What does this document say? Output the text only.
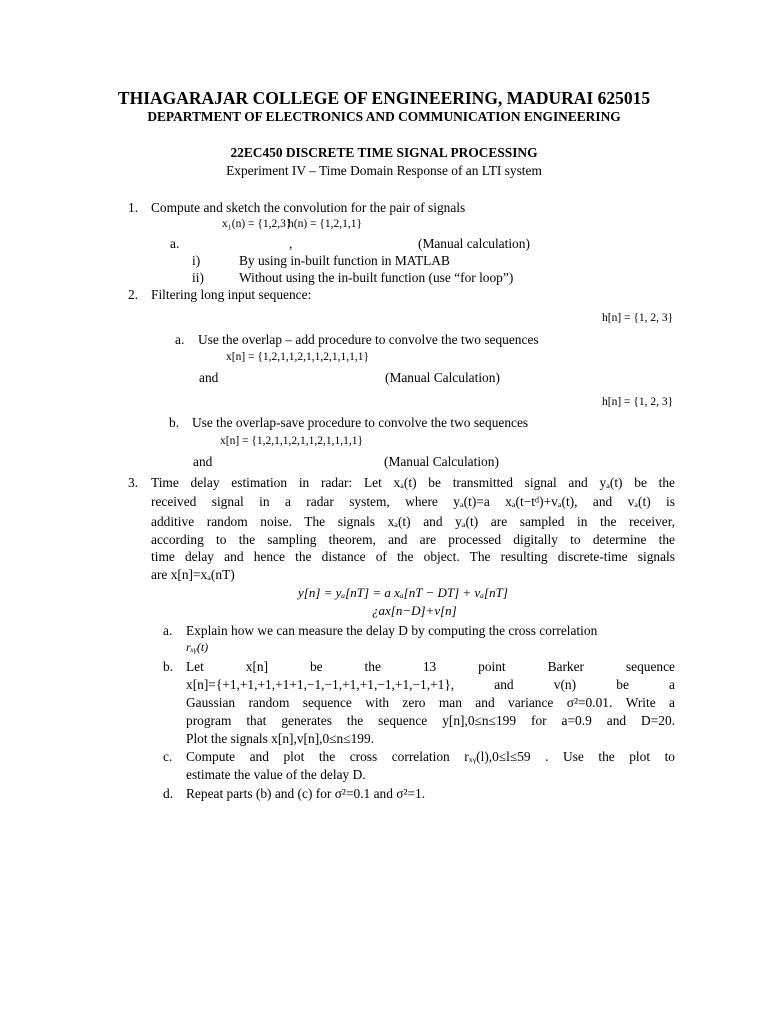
THIAGARAJAR COLLEGE OF ENGINEERING, MADURAI 625015
DEPARTMENT OF ELECTRONICS AND COMMUNICATION ENGINEERING
22EC450 DISCRETE TIME SIGNAL PROCESSING
Experiment IV – Time Domain Response of an LTI system
1. Compute and sketch the convolution for the pair of signals
x₁(n) = {1,2,3}
h(n) = {1,2,1,1}
a.	,	(Manual calculation)
i)	By using in-built function in MATLAB
ii)	Without using the in-built function (use “for loop”)
2. Filtering long input sequence:
h[n] = {1, 2, 3}
a. Use the overlap – add procedure to convolve the two sequences
x[n] = {1,2,1,1,2,1,1,2,1,1,1,1}
and	(Manual Calculation)
h[n] = {1, 2, 3}
b. Use the overlap-save procedure to convolve the two sequences
x[n] = {1,2,1,1,2,1,1,2,1,1,1,1}
and	(Manual Calculation)
3. Time delay estimation in radar: Let xₐ(t) be transmitted signal and yₐ(t) be the
received signal in a radar system, where yₐ(t)=a xₐ(t−tᵈ)+vₐ(t), and vₐ(t) is
additive random noise. The signals xₐ(t) and yₐ(t) are sampled in the receiver,
according to the sampling theorem, and are processed digitally to determine the
time delay and hence the distance of the object. The resulting discrete-time signals
are x[n]=xₐ(nT)
y[n] = yₐ[nT] = a xₐ[nT − DT] + vₐ[nT]
¿ax[n−D]+v[n]
a. Explain how we can measure the delay D by computing the cross correlation
rₓᵧ(t)
b. Let x[n] be the 13 point Barker sequence
x[n]={+1,+1,+1,+1+1,−1,−1,+1,+1,−1,+1,−1,+1}, and v(n) be a
Gaussian random sequence with zero man and variance σ²=0.01. Write a
program that generates the sequence y[n],0≤n≤199 for a=0.9 and D=20.
Plot the signals x[n],v[n],0≤n≤199.
c. Compute and plot the cross correlation rₓᵧ(l),0≤l≤59 . Use the plot to
estimate the value of the delay D.
d. Repeat parts (b) and (c) for σ²=0.1 and σ²=1.
